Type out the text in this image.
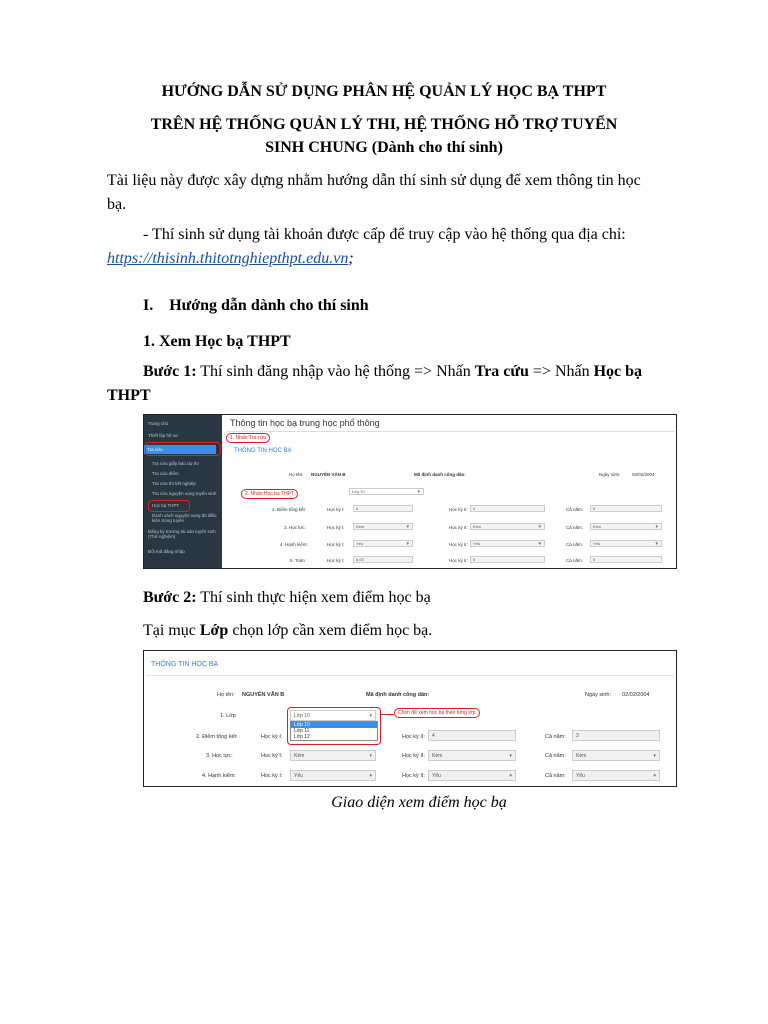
HƯỚNG DẪN SỬ DỤNG PHÂN HỆ QUẢN LÝ HỌC BẠ THPT
TRÊN HỆ THỐNG QUẢN LÝ THI, HỆ THỐNG HỖ TRỢ TUYỂN
SINH CHUNG (Dành cho thí sinh)
Tài liệu này được xây dựng nhằm hướng dẫn thí sinh sử dụng để xem thông tin học
bạ.
- Thí sinh sử dụng tài khoản được cấp để truy cập vào hệ thống qua địa chỉ:
https://thisinh.thitotnghiepthpt.edu.vn;
I.    Hướng dẫn dành cho thí sinh
1. Xem Học bạ THPT
Bước 1: Thí sinh đăng nhập vào hệ thống => Nhấn Tra cứu => Nhấn Học bạ
THPT
Trang chủ
Thiết lập hồ sơ
Tra cứu
Tra cứu giấy báo dự thi
Tra cứu điểm
Tra cứu thí kết nghiệp
Tra cứu nguyện vọng tuyển sinh
Học bạ THPT
Danh sách nguyện vọng đủ điều kiện trúng tuyển
Đăng ký trường tài sản tuyển sinh (Thử nghiệm)
Đổi mã đăng nhập
Thông tin học bạ trung học phổ thông
1. Nhấn Tra cứu
THÔNG TIN HỌC BẠ
Họ tên: NGUYỄN VĂN B	Mã định danh công dân:	Ngày sinh:	02/02/2004
2. Nhấn Học bạ THPT	Lớp 10	▾
2. Điểm tổng kết:	Học kỳ I:	5	Học kỳ II:	4	Cả năm:	5
3. Học lực:	Học kỳ I:	Kém	▾	Học kỳ II:	Kém	▾	Cả năm:	Kém	▾
4. Hạnh kiểm:	Học kỳ I:	Yếu	▾	Học kỳ II:	Yếu	▾	Cả năm:	Yếu	▾
5. Toán:	Học kỳ I:	5.00	Học kỳ II:	5	Cả năm:	5
Bước 2: Thí sinh thực hiện xem điểm học bạ
Tại mục Lớp chọn lớp cần xem điểm học bạ.
THÔNG TIN HỌC BẠ
Họ tên: NGUYỄN VĂN B	Mã định danh công dân:	Ngày sinh: 02/02/2004
1. Lớp	Lớp 10	▾
Lớp 10
Lớp 11
Lớp 12
Chọn để xem học bạ theo từng lớp
2. Điểm tổng kết:	Học kỳ I:	Học kỳ II:	4	Cả năm:	3
3. Học lực:	Học kỳ I:	Kém	▾	Học kỳ II:	Kém	▾	Cả năm:	Kém	▾
4. Hạnh kiểm:	Học kỳ I:	Yếu	▾	Học kỳ II:	Yếu	▾	Cả năm:	Yếu	▾
Giao diện xem điểm học bạ
